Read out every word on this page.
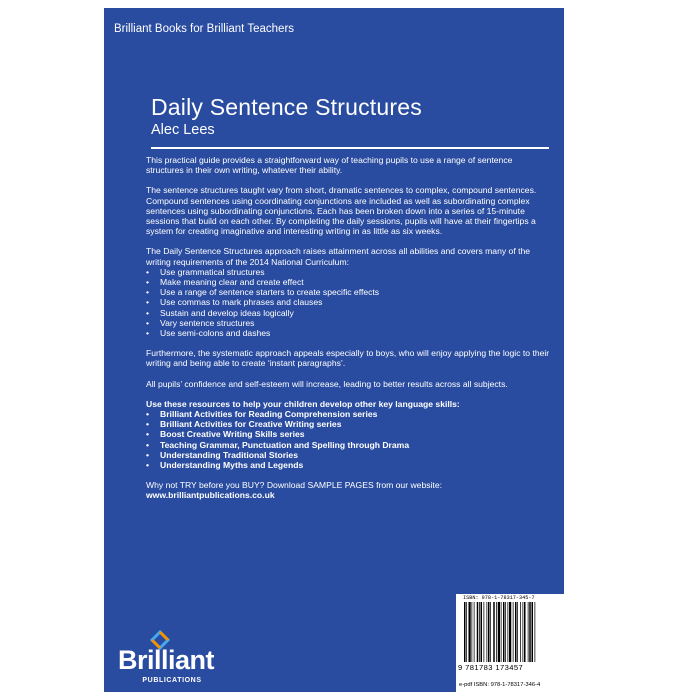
Brilliant Books for Brilliant Teachers
Daily Sentence Structures
Alec Lees

This practical guide provides a straightforward way of teaching pupils to use a range of sentence structures in their own writing, whatever their ability.

The sentence structures taught vary from short, dramatic sentences to complex, compound sentences. Compound sentences using coordinating conjunctions are included as well as subordinating complex sentences using subordinating conjunctions. Each has been broken down into a series of 15-minute sessions that build on each other. By completing the daily sessions, pupils will have at their fingertips a system for creating imaginative and interesting writing in as little as six weeks.

The Daily Sentence Structures approach raises attainment across all abilities and covers many of the writing requirements of the 2014 National Curriculum:

• Use grammatical structures
• Make meaning clear and create effect
• Use a range of sentence starters to create specific effects
• Use commas to mark phrases and clauses
• Sustain and develop ideas logically
• Vary sentence structures
• Use semi-colons and dashes

Furthermore, the systematic approach appeals especially to boys, who will enjoy applying the logic to their writing and being able to create ‘instant paragraphs’.

All pupils’ confidence and self-esteem will increase, leading to better results across all subjects.

Use these resources to help your children develop other key language skills:

• Brilliant Activities for Reading Comprehension series
• Brilliant Activities for Creative Writing series
• Boost Creative Writing Skills series
• Teaching Grammar, Punctuation and Spelling through Drama
• Understanding Traditional Stories
• Understanding Myths and Legends

Why not TRY before you BUY? Download SAMPLE PAGES from our website:

www.brilliantpublications.co.uk

Brilliant
PUBLICATIONS
ISBN: 978-1-78317-345-7
9 781783 173457
e-pdf ISBN: 978-1-78317-346-4
